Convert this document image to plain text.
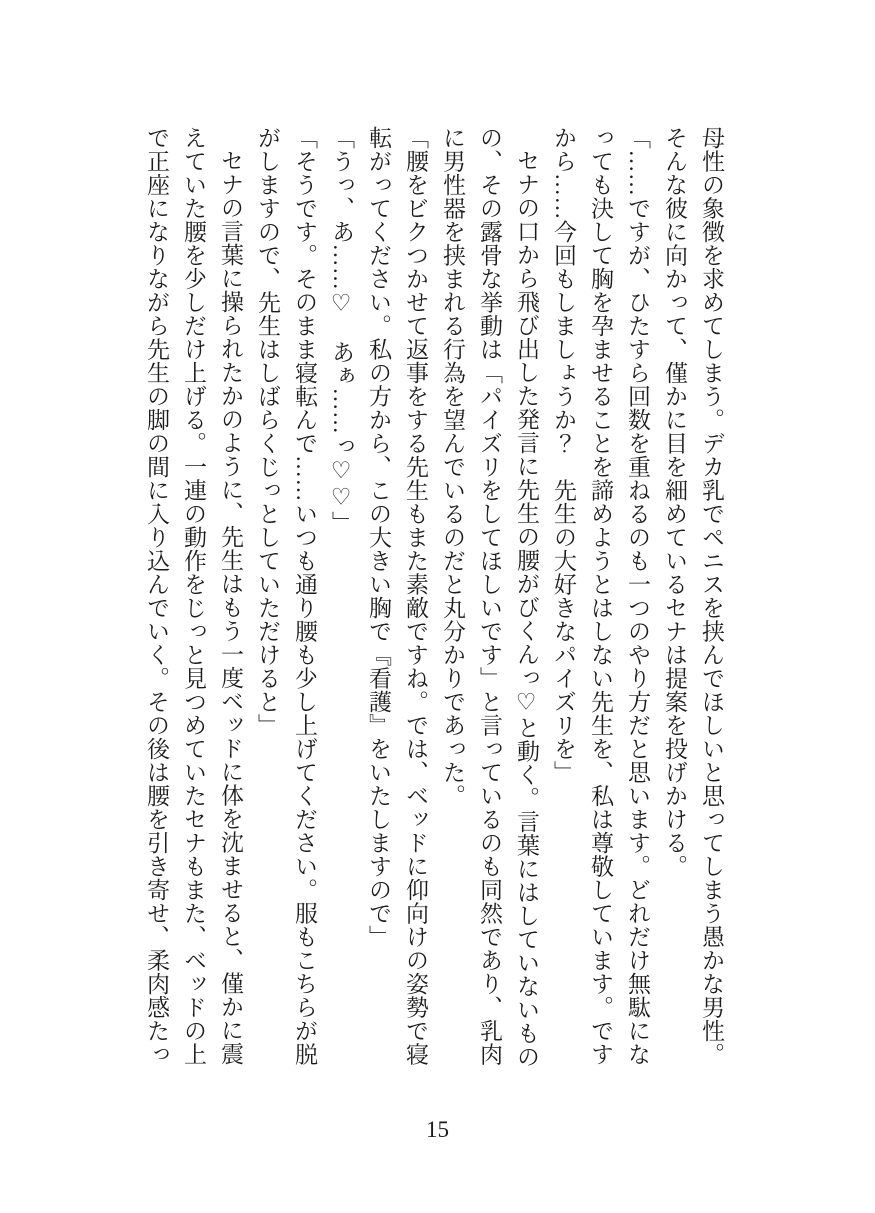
母性の象徴を求めてしまう。デカ乳でペニスを挟んでほしいと思ってしまう愚かな男性。そんな彼に向かって、僅かに目を細めているセナは提案を投げかける。

「……ですが、ひたすら回数を重ねるのも一つのやり方だと思います。どれだけ無駄になっても決して胸を孕ませることを諦めようとはしない先生を、私は尊敬しています。ですから……今回もしましょうか？　先生の大好きなパイズリを」

セナの口から飛び出した発言に先生の腰がびくんっ♡と動く。言葉にはしていないものの、その露骨な挙動は「パイズリをしてほしいです」と言っているのも同然であり、乳肉に男性器を挟まれる行為を望んでいるのだと丸分かりであった。

「腰をビクつかせて返事をする先生もまた素敵ですね。では、ベッドに仰向けの姿勢で寝転がってください。私の方から、この大きい胸で『看護』をいたしますので」

「うっ、あ……♡　あぁ……っ♡♡」

「そうです。そのまま寝転んで……いつも通り腰も少し上げてください。服もこちらが脱がしますので、先生はしばらくじっとしていただけると」

セナの言葉に操られたかのように、先生はもう一度ベッドに体を沈ませると、僅かに震えていた腰を少しだけ上げる。一連の動作をじっと見つめていたセナもまた、ベッドの上で正座になりながら先生の脚の間に入り込んでいく。その後は腰を引き寄せ、柔肉感たっ

15
